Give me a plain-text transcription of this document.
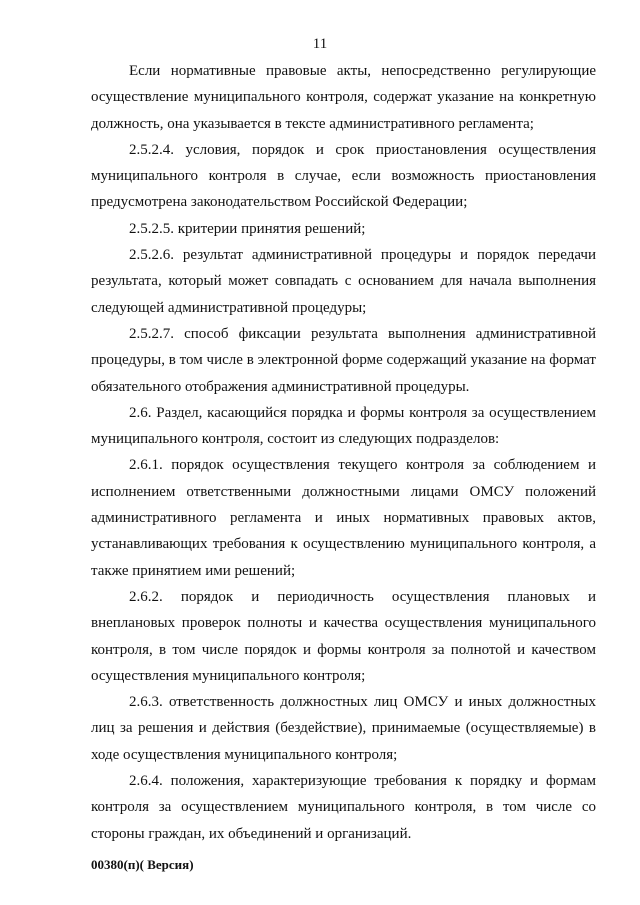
11

Если нормативные правовые акты, непосредственно регулирующие осуществление муниципального контроля, содержат указание на конкретную должность, она указывается в тексте административного регламента;

2.5.2.4. условия, порядок и срок приостановления осуществления муниципального контроля в случае, если возможность приостановления предусмотрена законодательством Российской Федерации;

2.5.2.5. критерии принятия решений;

2.5.2.6. результат административной процедуры и порядок передачи результата, который может совпадать с основанием для начала выполнения следующей административной процедуры;

2.5.2.7. способ фиксации результата выполнения административной процедуры, в том числе в электронной форме содержащий указание на формат обязательного отображения административной процедуры.

2.6. Раздел, касающийся порядка и формы контроля за осуществлением муниципального контроля, состоит из следующих подразделов:

2.6.1. порядок осуществления текущего контроля за соблюдением и исполнением ответственными должностными лицами ОМСУ положений административного регламента и иных нормативных правовых актов, устанавливающих требования к осуществлению муниципального контроля, а также принятием ими решений;

2.6.2. порядок и периодичность осуществления плановых и внеплановых проверок полноты и качества осуществления муниципального контроля, в том числе порядок и формы контроля за полнотой и качеством осуществления муниципального контроля;

2.6.3. ответственность должностных лиц ОМСУ и иных должностных лиц за решения и действия (бездействие), принимаемые (осуществляемые) в ходе осуществления муниципального контроля;

2.6.4. положения, характеризующие требования к порядку и формам контроля за осуществлением муниципального контроля, в том числе со стороны граждан, их объединений и организаций.

00380(п)( Версия)
